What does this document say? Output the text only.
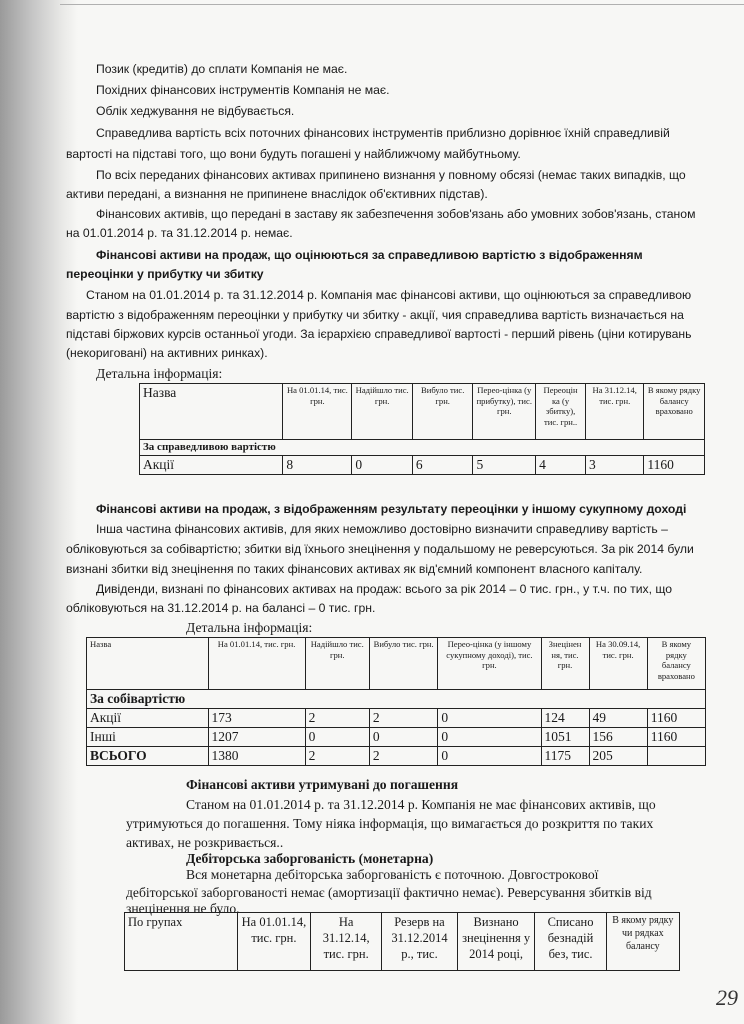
Позик (кредитів) до сплати Компанія не має.
Похідних фінансових інструментів Компанія не має.
Облік хеджування не відбувається.
Справедлива вартість всіх поточних фінансових інструментів приблизно дорівнює їхній справедливій
вартості на підставі того, що вони будуть погашені у найближчому майбутньому.
По всіх переданих фінансових активах припинено визнання у повному обсязі (немає таких випадків, що
активи передані, а визнання не припинене внаслідок об'єктивних підстав).
Фінансових активів, що передані в заставу як забезпечення зобов'язань або умовних зобов'язань, станом
на 01.01.2014 р. та 31.12.2014 р. немає.
Фінансові активи на продаж, що оцінюються за справедливою вартістю з відображенням
переоцінки у прибутку чи збитку
Станом на 01.01.2014 р. та 31.12.2014 р. Компанія має фінансові активи, що оцінюються за справедливою
вартістю з відображенням переоцінки у прибутку чи збитку - акції, чия справедлива вартість визначається на
підставі біржових курсів останньої угоди. За ієрархією справедливої вартості - перший рівень (ціни котирувань
(некориговані) на активних ринках).
Детальна інформація:
Назва	На 01.01.14, тис. грн.	Надійшло тис. грн.	Вибуло тис. грн.	Перео-цінка (у прибутку), тис. грн.	Переоцін ка (у збитку), тис. грн..	На 31.12.14, тис. грн.	В якому рядку балансу враховано
За справедливою вартістю							
Акції	8	0	6	5	4	3	1160
Фінансові активи на продаж, з відображенням результату переоцінки у іншому сукупному доході
Інша частина фінансових активів, для яких неможливо достовірно визначити справедливу вартість –
обліковуються за собівартістю; збитки від їхнього знецінення у подальшому не реверсуються. За рік 2014 були
визнані збитки від знецінення по таких фінансових активах як від'ємний компонент власного капіталу.
Дивіденди, визнані по фінансових активах на продаж: всього за рік 2014 – 0 тис. грн., у т.ч. по тих, що
обліковуються на 31.12.2014 р. на балансі – 0 тис. грн.
Детальна інформація:
Назва	На 01.01.14, тис. грн.	Надійшло тис. грн.	Вибуло тис. грн.	Перео-цінка (у іншому сукупному доході), тис. грн.	Знецінен ня, тис. грн.	На 30.09.14, тис. грн.	В якому рядку балансу враховано
За собівартістю							
Акції	173	2	2	0	124	49	1160
Інші	1207	0	0	0	1051	156	1160
ВСЬОГО	1380	2	2	0	1175	205	
Фінансові активи утримувані до погашення
Станом на 01.01.2014 р. та 31.12.2014 р. Компанія не має фінансових активів, що
утримуються до погашення. Тому ніяка інформація, що вимагається до розкриття по таких
активах, не розкривається..
Дебіторська заборгованість (монетарна)
Вся монетарна дебіторська заборгованість є поточною. Довгострокової
дебіторської заборгованості немає (амортизації фактично немає). Реверсування збитків від
знецінення не було.
По групах	На 01.01.14, тис. грн.	На 31.12.14, тис. грн.	Резерв на 31.12.2014 р., тис.	Визнано знецінення у 2014 році,	Списано безнадій без, тис.	В якому рядку чи рядках балансу
29
